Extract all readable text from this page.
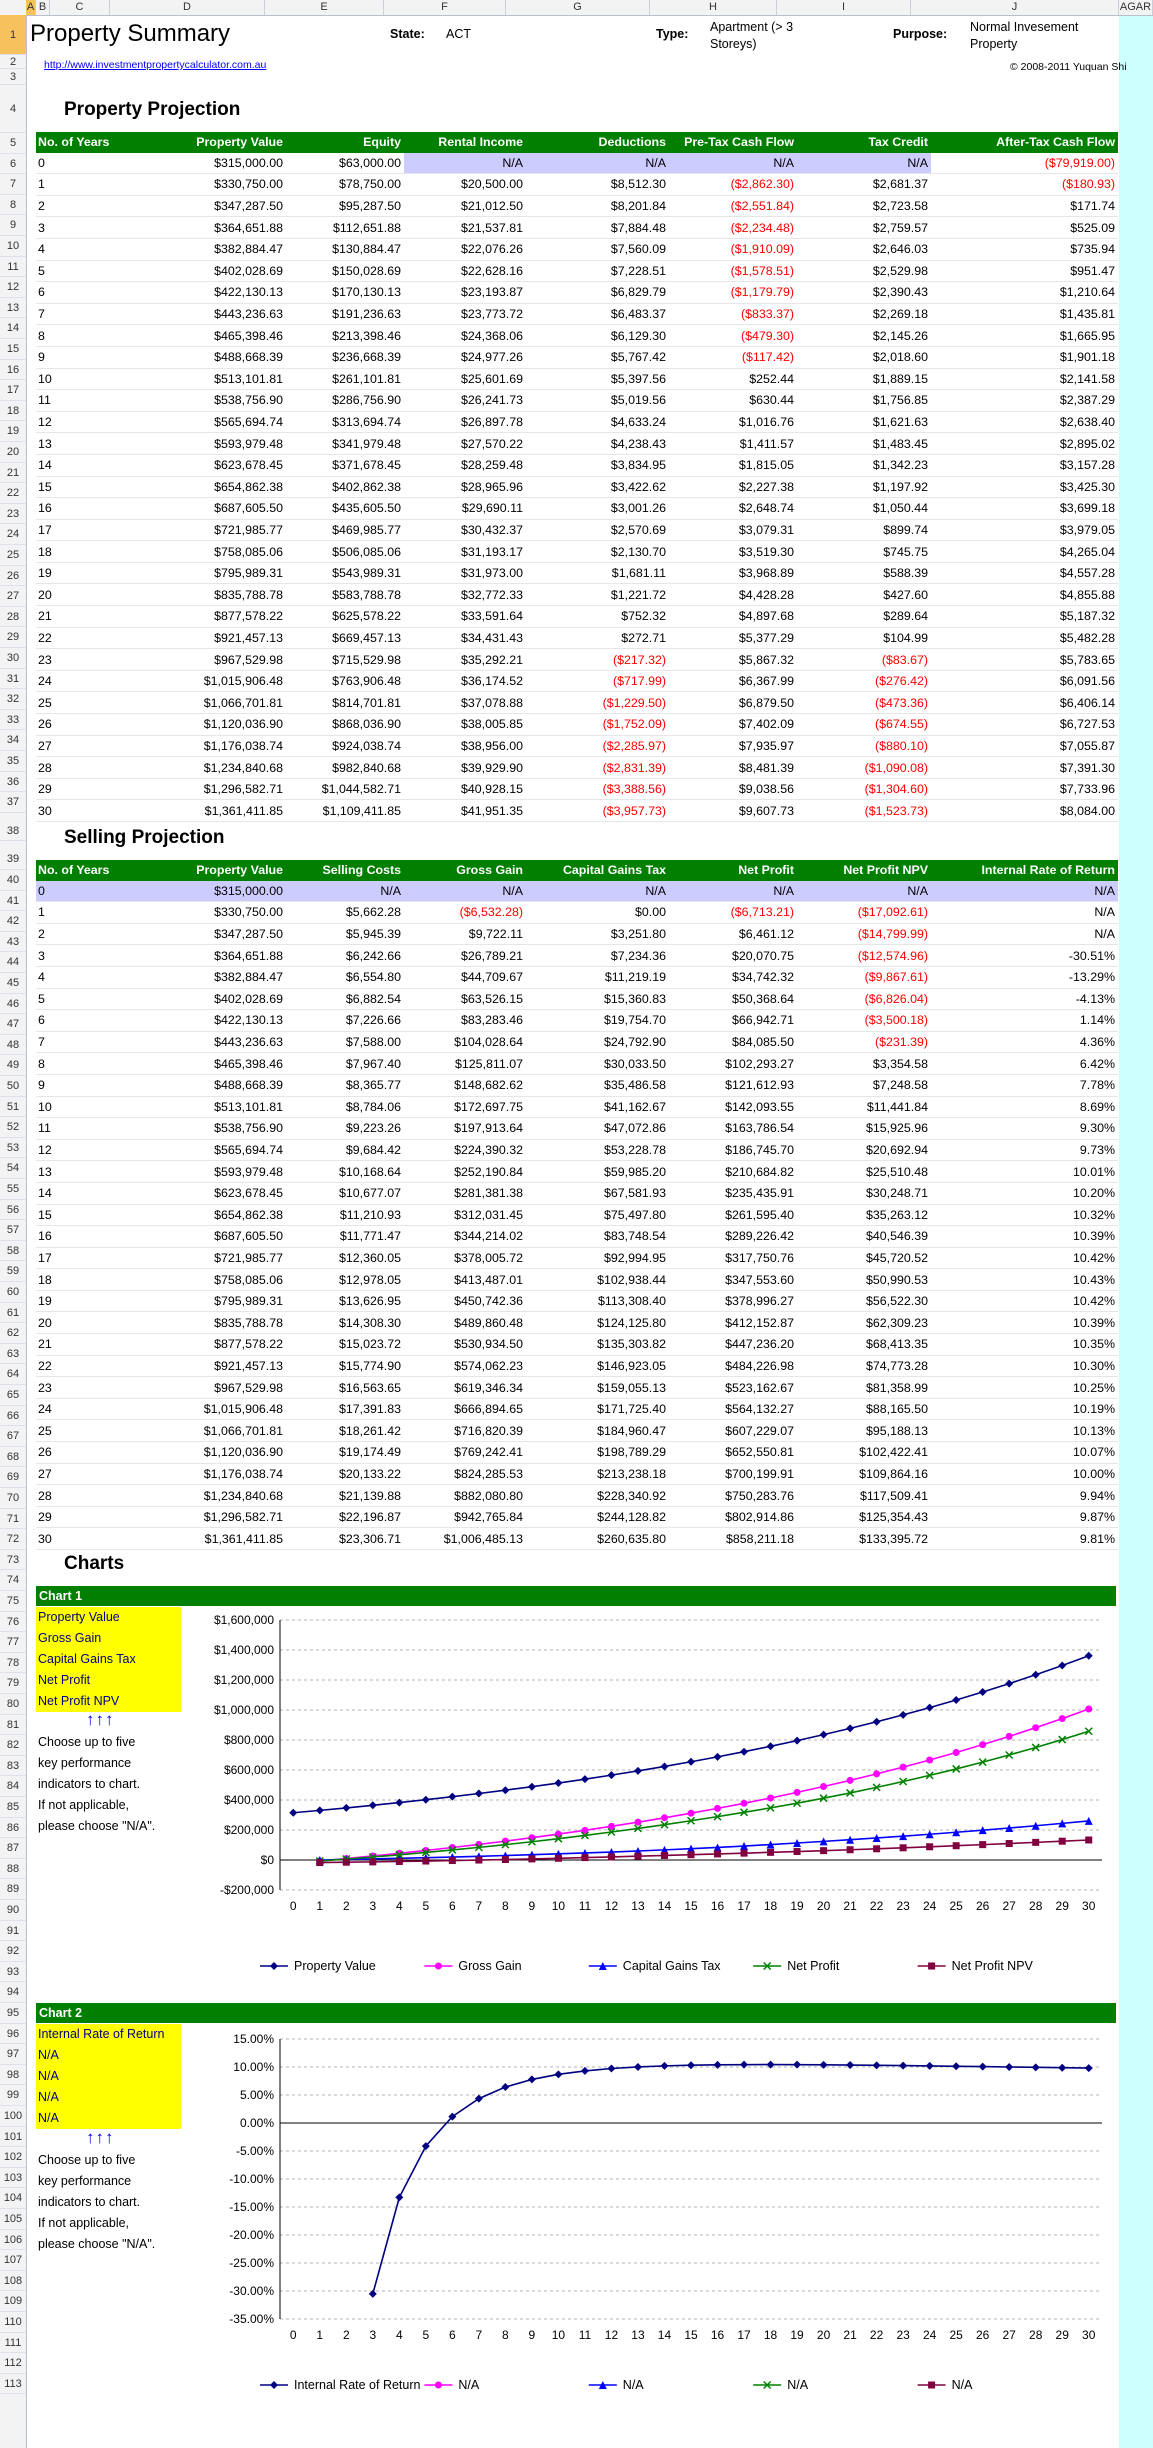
A B	C	D	E	F	G	H	I	J	AGAR
1
2
3
4
5
6
7
8
9
10
11
12
13
14
15
16
17
18
19
20
21
22
23
24
25
26
27
28
29
30
31
32
33
34
35
36
37
38
39
40
41
42
43
44
45
46
47
48
49
50
51
52
53
54
55
56
57
58
59
60
61
62
63
64
65
66
67
68
69
70
71
72
73
74
75
76
77
78
79
80
81
82
83
84
85
86
87
88
89
90
91
92
93
94
95
96
97
98
99
100
101
102
103
104
105
106
107
108
109
110
111
112
113
Property Summary	State: ACT	Type: Apartment (> 3
Storeys)
Purpose: Normal Invesement
Property
http://www.investmentpropertycalculator.com.au	© 2008-2011 Yuquan Shi
Property Projection
No. of Years	Property Value	Equity	Rental Income	Deductions	Pre-Tax Cash Flow	Tax Credit	After-Tax Cash Flow
0	$315,000.00	$63,000.00	N/A	N/A	N/A	N/A	($79,919.00)
1	$330,750.00	$78,750.00	$20,500.00	$8,512.30	($2,862.30)	$2,681.37	($180.93)
2	$347,287.50	$95,287.50	$21,012.50	$8,201.84	($2,551.84)	$2,723.58	$171.74
3	$364,651.88	$112,651.88	$21,537.81	$7,884.48	($2,234.48)	$2,759.57	$525.09
4	$382,884.47	$130,884.47	$22,076.26	$7,560.09	($1,910.09)	$2,646.03	$735.94
5	$402,028.69	$150,028.69	$22,628.16	$7,228.51	($1,578.51)	$2,529.98	$951.47
6	$422,130.13	$170,130.13	$23,193.87	$6,829.79	($1,179.79)	$2,390.43	$1,210.64
7	$443,236.63	$191,236.63	$23,773.72	$6,483.37	($833.37)	$2,269.18	$1,435.81
8	$465,398.46	$213,398.46	$24,368.06	$6,129.30	($479.30)	$2,145.26	$1,665.95
9	$488,668.39	$236,668.39	$24,977.26	$5,767.42	($117.42)	$2,018.60	$1,901.18
10	$513,101.81	$261,101.81	$25,601.69	$5,397.56	$252.44	$1,889.15	$2,141.58
11	$538,756.90	$286,756.90	$26,241.73	$5,019.56	$630.44	$1,756.85	$2,387.29
12	$565,694.74	$313,694.74	$26,897.78	$4,633.24	$1,016.76	$1,621.63	$2,638.40
13	$593,979.48	$341,979.48	$27,570.22	$4,238.43	$1,411.57	$1,483.45	$2,895.02
14	$623,678.45	$371,678.45	$28,259.48	$3,834.95	$1,815.05	$1,342.23	$3,157.28
15	$654,862.38	$402,862.38	$28,965.96	$3,422.62	$2,227.38	$1,197.92	$3,425.30
16	$687,605.50	$435,605.50	$29,690.11	$3,001.26	$2,648.74	$1,050.44	$3,699.18
17	$721,985.77	$469,985.77	$30,432.37	$2,570.69	$3,079.31	$899.74	$3,979.05
18	$758,085.06	$506,085.06	$31,193.17	$2,130.70	$3,519.30	$745.75	$4,265.04
19	$795,989.31	$543,989.31	$31,973.00	$1,681.11	$3,968.89	$588.39	$4,557.28
20	$835,788.78	$583,788.78	$32,772.33	$1,221.72	$4,428.28	$427.60	$4,855.88
21	$877,578.22	$625,578.22	$33,591.64	$752.32	$4,897.68	$289.64	$5,187.32
22	$921,457.13	$669,457.13	$34,431.43	$272.71	$5,377.29	$104.99	$5,482.28
23	$967,529.98	$715,529.98	$35,292.21	($217.32)	$5,867.32	($83.67)	$5,783.65
24	$1,015,906.48	$763,906.48	$36,174.52	($717.99)	$6,367.99	($276.42)	$6,091.56
25	$1,066,701.81	$814,701.81	$37,078.88	($1,229.50)	$6,879.50	($473.36)	$6,406.14
26	$1,120,036.90	$868,036.90	$38,005.85	($1,752.09)	$7,402.09	($674.55)	$6,727.53
27	$1,176,038.74	$924,038.74	$38,956.00	($2,285.97)	$7,935.97	($880.10)	$7,055.87
28	$1,234,840.68	$982,840.68	$39,929.90	($2,831.39)	$8,481.39	($1,090.08)	$7,391.30
29	$1,296,582.71	$1,044,582.71	$40,928.15	($3,388.56)	$9,038.56	($1,304.60)	$7,733.96
30	$1,361,411.85	$1,109,411.85	$41,951.35	($3,957.73)	$9,607.73	($1,523.73)	$8,084.00
Selling Projection
No. of Years	Property Value	Selling Costs	Gross Gain	Capital Gains Tax	Net Profit	Net Profit NPV	Internal Rate of Return
0	$315,000.00	N/A	N/A	N/A	N/A	N/A	N/A
1	$330,750.00	$5,662.28	($6,532.28)	$0.00	($6,713.21)	($17,092.61)	N/A
2	$347,287.50	$5,945.39	$9,722.11	$3,251.80	$6,461.12	($14,799.99)	N/A
3	$364,651.88	$6,242.66	$26,789.21	$7,234.36	$20,070.75	($12,574.96)	-30.51%
4	$382,884.47	$6,554.80	$44,709.67	$11,219.19	$34,742.32	($9,867.61)	-13.29%
5	$402,028.69	$6,882.54	$63,526.15	$15,360.83	$50,368.64	($6,826.04)	-4.13%
6	$422,130.13	$7,226.66	$83,283.46	$19,754.70	$66,942.71	($3,500.18)	1.14%
7	$443,236.63	$7,588.00	$104,028.64	$24,792.90	$84,085.50	($231.39)	4.36%
8	$465,398.46	$7,967.40	$125,811.07	$30,033.50	$102,293.27	$3,354.58	6.42%
9	$488,668.39	$8,365.77	$148,682.62	$35,486.58	$121,612.93	$7,248.58	7.78%
10	$513,101.81	$8,784.06	$172,697.75	$41,162.67	$142,093.55	$11,441.84	8.69%
11	$538,756.90	$9,223.26	$197,913.64	$47,072.86	$163,786.54	$15,925.96	9.30%
12	$565,694.74	$9,684.42	$224,390.32	$53,228.78	$186,745.70	$20,692.94	9.73%
13	$593,979.48	$10,168.64	$252,190.84	$59,985.20	$210,684.82	$25,510.48	10.01%
14	$623,678.45	$10,677.07	$281,381.38	$67,581.93	$235,435.91	$30,248.71	10.20%
15	$654,862.38	$11,210.93	$312,031.45	$75,497.80	$261,595.40	$35,263.12	10.32%
16	$687,605.50	$11,771.47	$344,214.02	$83,748.54	$289,226.42	$40,546.39	10.39%
17	$721,985.77	$12,360.05	$378,005.72	$92,994.95	$317,750.76	$45,720.52	10.42%
18	$758,085.06	$12,978.05	$413,487.01	$102,938.44	$347,553.60	$50,990.53	10.43%
19	$795,989.31	$13,626.95	$450,742.36	$113,308.40	$378,996.27	$56,522.30	10.42%
20	$835,788.78	$14,308.30	$489,860.48	$124,125.80	$412,152.87	$62,309.23	10.39%
21	$877,578.22	$15,023.72	$530,934.50	$135,303.82	$447,236.20	$68,413.35	10.35%
22	$921,457.13	$15,774.90	$574,062.23	$146,923.05	$484,226.98	$74,773.28	10.30%
23	$967,529.98	$16,563.65	$619,346.34	$159,055.13	$523,162.67	$81,358.99	10.25%
24	$1,015,906.48	$17,391.83	$666,894.65	$171,725.40	$564,132.27	$88,165.50	10.19%
25	$1,066,701.81	$18,261.42	$716,820.39	$184,960.47	$607,229.07	$95,188.13	10.13%
26	$1,120,036.90	$19,174.49	$769,242.41	$198,789.29	$652,550.81	$102,422.41	10.07%
27	$1,176,038.74	$20,133.22	$824,285.53	$213,238.18	$700,199.91	$109,864.16	10.00%
28	$1,234,840.68	$21,139.88	$882,080.80	$228,340.92	$750,283.76	$117,509.41	9.94%
29	$1,296,582.71	$22,196.87	$942,765.84	$244,128.82	$802,914.86	$125,354.43	9.87%
30	$1,361,411.85	$23,306.71	$1,006,485.13	$260,635.80	$858,211.18	$133,395.72	9.81%
Charts
Chart 1
Property Value
Gross Gain
Capital Gains Tax
Net Profit
Net Profit NPV
↑↑↑
Choose up to five
key performance
indicators to chart.
If not applicable,
please choose "N/A".
-$200,000
$0
$200,000
$400,000
$600,000
$800,000
$1,000,000
$1,200,000
$1,400,000
$1,600,000
0 1 2 3 4 5 6 7 8 9 10 11 12 13 14 15 16 17 18 19 20 21 22 23 24 25 26 27 28 29 30
Property Value	Gross Gain	Capital Gains Tax	Net Profit	Net Profit NPV
Chart 2
Internal Rate of Return
N/A
N/A
N/A
N/A
↑↑↑
Choose up to five
key performance
indicators to chart.
If not applicable,
please choose "N/A".
-35.00%
-30.00%
-25.00%
-20.00%
-15.00%
-10.00%
-5.00%
0.00%
5.00%
10.00%
15.00%
0 1 2 3 4 5 6 7 8 9 10 11 12 13 14 15 16 17 18 19 20 21 22 23 24 25 26 27 28 29 30
Internal Rate of Return	N/A	N/A	N/A	N/A
